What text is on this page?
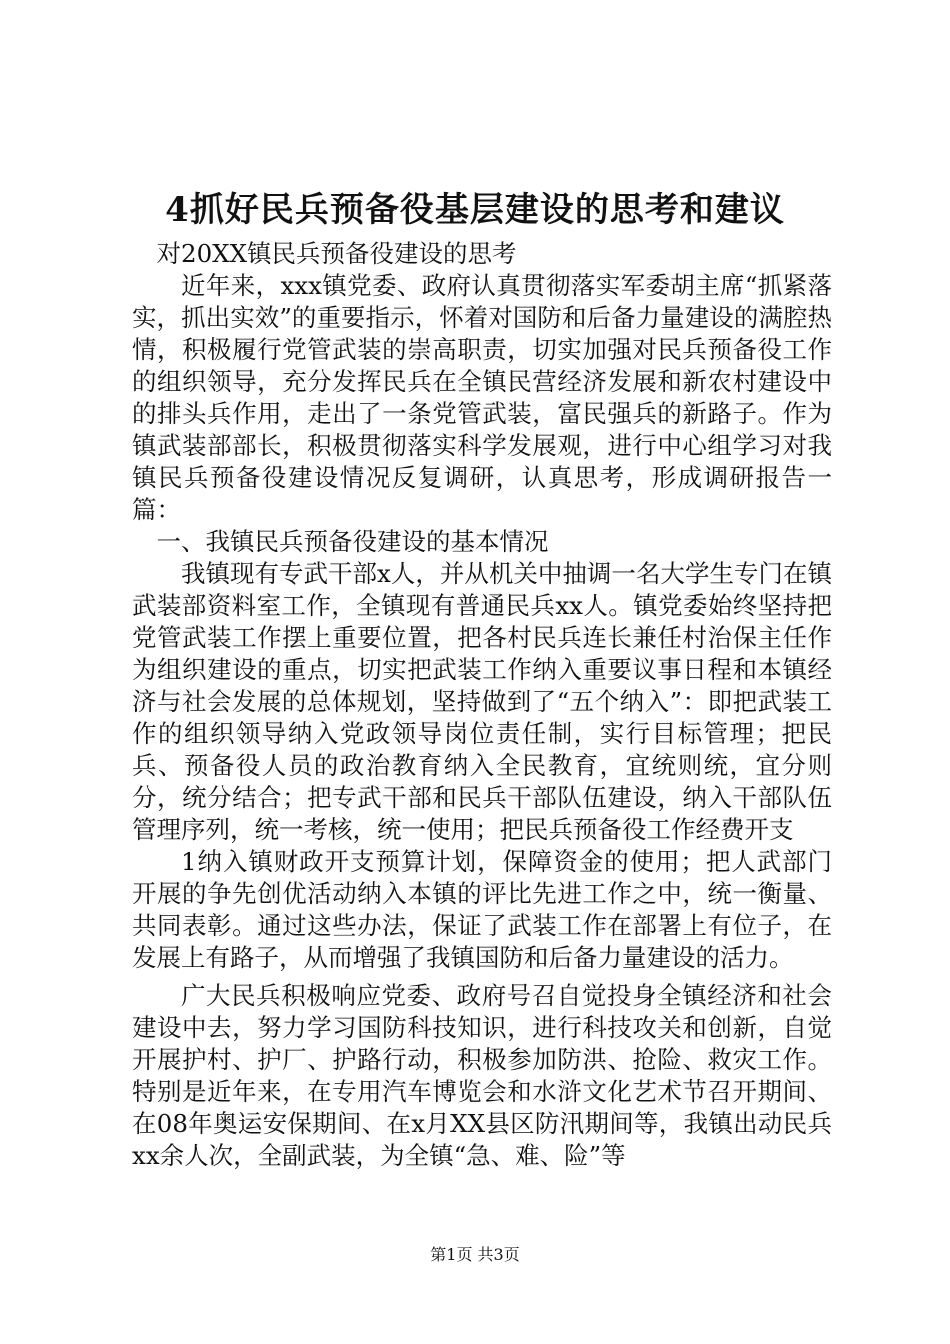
4抓好民兵预备役基层建设的思考和建议

对20XX镇民兵预备役建设的思考

近年来，xxx镇党委、政府认真贯彻落实军委胡主席“抓紧落实，抓出实效”的重要指示，怀着对国防和后备力量建设的满腔热情，积极履行党管武装的崇高职责，切实加强对民兵预备役工作的组织领导，充分发挥民兵在全镇民营经济发展和新农村建设中的排头兵作用，走出了一条党管武装，富民强兵的新路子。作为镇武装部部长，积极贯彻落实科学发展观，进行中心组学习对我镇民兵预备役建设情况反复调研，认真思考，形成调研报告一篇：

一、我镇民兵预备役建设的基本情况

我镇现有专武干部x人，并从机关中抽调一名大学生专门在镇武装部资料室工作，全镇现有普通民兵xx人。镇党委始终坚持把党管武装工作摆上重要位置，把各村民兵连长兼任村治保主任作为组织建设的重点，切实把武装工作纳入重要议事日程和本镇经济与社会发展的总体规划，坚持做到了“五个纳入”：即把武装工作的组织领导纳入党政领导岗位责任制，实行目标管理；把民兵、预备役人员的政治教育纳入全民教育，宜统则统，宜分则分，统分结合；把专武干部和民兵干部队伍建设，纳入干部队伍管理序列，统一考核，统一使用；把民兵预备役工作经费开支

1纳入镇财政开支预算计划，保障资金的使用；把人武部门开展的争先创优活动纳入本镇的评比先进工作之中，统一衡量、共同表彰。通过这些办法，保证了武装工作在部署上有位子，在发展上有路子，从而增强了我镇国防和后备力量建设的活力。

广大民兵积极响应党委、政府号召自觉投身全镇经济和社会建设中去，努力学习国防科技知识，进行科技攻关和创新，自觉开展护村、护厂、护路行动，积极参加防洪、抢险、救灾工作。特别是近年来，在专用汽车博览会和水浒文化艺术节召开期间、在08年奥运安保期间、在x月XX县区防汛期间等，我镇出动民兵xx余人次，全副武装，为全镇“急、难、险”等

第1页 共3页
